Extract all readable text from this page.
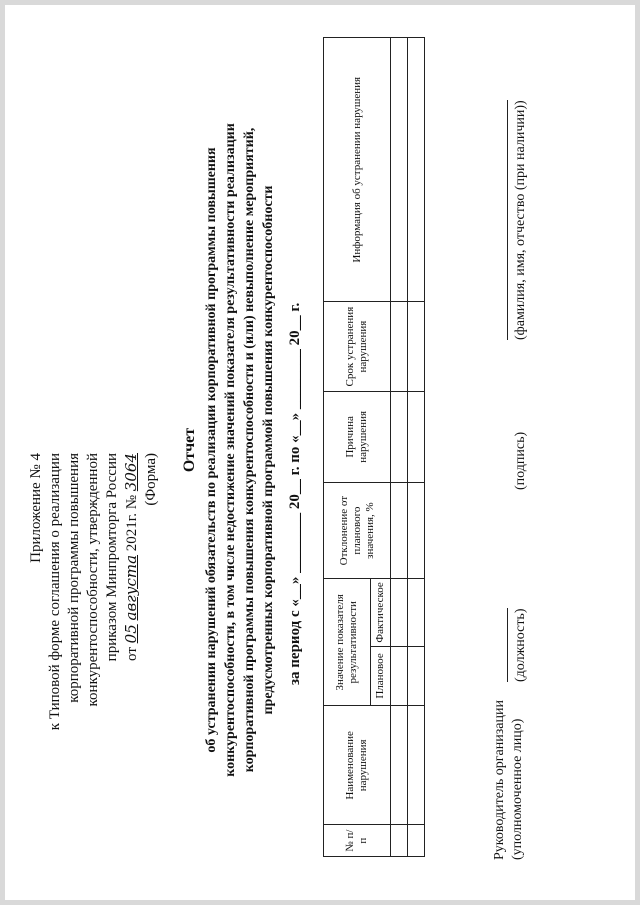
Приложение № 4 к Типовой форме соглашения о реализации корпоративной программы повышения конкурентоспособности, утвержденной приказом Минпромторга России от 05 августа 2021г. № 3064 (Форма)
Отчет об устранении нарушений обязательств по реализации корпоративной программы повышения конкурентоспособности, в том числе недостижение значений показателя результативности реализации корпоративной программы повышения конкурентоспособности и (или) невыполнение мероприятий, предусмотренных корпоративной программой повышения конкурентоспособности за период с «__» ________ 20__ г. по «__» ________ 20__ г.
№ п/п	Наименование нарушения	Значение показателя результативности		Отклонение от планового значения, %	Причина нарушения	Срок устранения нарушения	Информация об устранении нарушения
		Плановое	Фактическое				

Руководитель организации (уполномоченное лицо)
(должность)
(подпись)
(фамилия, имя, отчество (при наличии))
